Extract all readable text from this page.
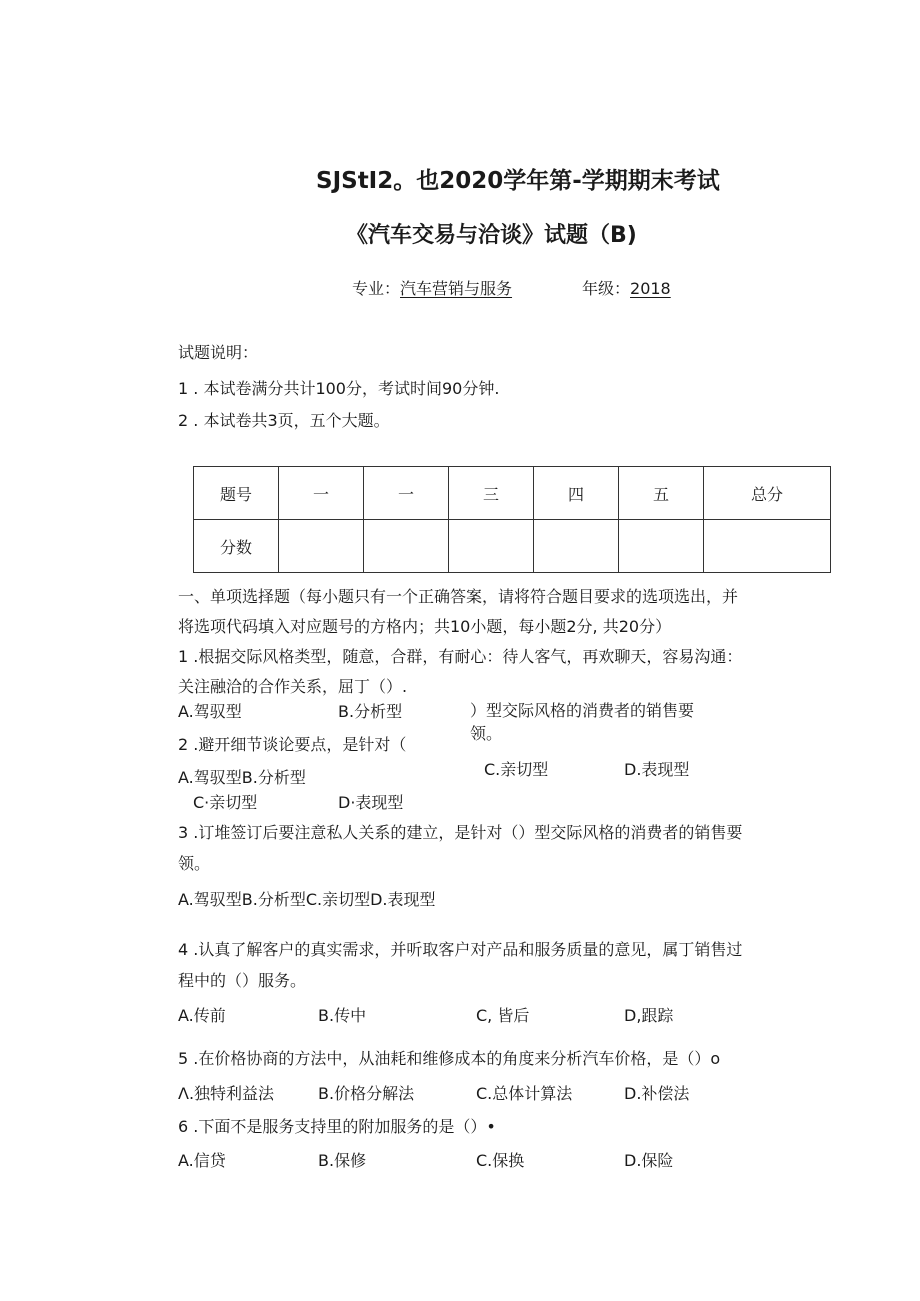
SJStI2。也2020学年第-学期期末考试
《汽车交易与洽谈》试题（B)
专业：汽车营销与服务	年级：2018
试题说明：
1 . 本试卷满分共计100分，考试时间90分钟.
2 . 本试卷共3页，五个大题。
题号	一	一	三	四	五	总分
分数						
一、单项选择题（每小题只有一个正确答案，请将符合题目要求的选项选出，并
将选项代码填入对应题号的方格内；共10小题，每小题2分, 共20分）
1 .根据交际风格类型，随意，合群，有耐心：待人客气，再欢聊天，容易沟通：
关注融洽的合作关系，屈丁（）.
A.驾驭型	B.分析型	）型交际风格的消费者的销售要
领。
2 .避开细节谈论要点，是针对（
C.亲切型	D.表现型
A.驾驭型B.分析型
C·亲切型	D·表现型
3 .订堆签订后要注意私人关系的建立，是针对（）型交际风格的消费者的销售要
领。
A.驾驭型B.分析型C.亲切型D.表现型
4 .认真了解客户的真实需求，并听取客户对产品和服务质量的意见，属丁销售过
程中的（）服务。
A.传前	B.传中	C, 皆后	D,跟踪
5 .在价格协商的方法中，从油耗和维修成本的角度来分析汽车价格，是（）o
Λ.独特利益法	B.价格分解法	C.总体计算法	D.补偿法
6 .下面不是服务支持里的附加服务的是（）•
A.信贷	B.保修	C.保换	D.保险
